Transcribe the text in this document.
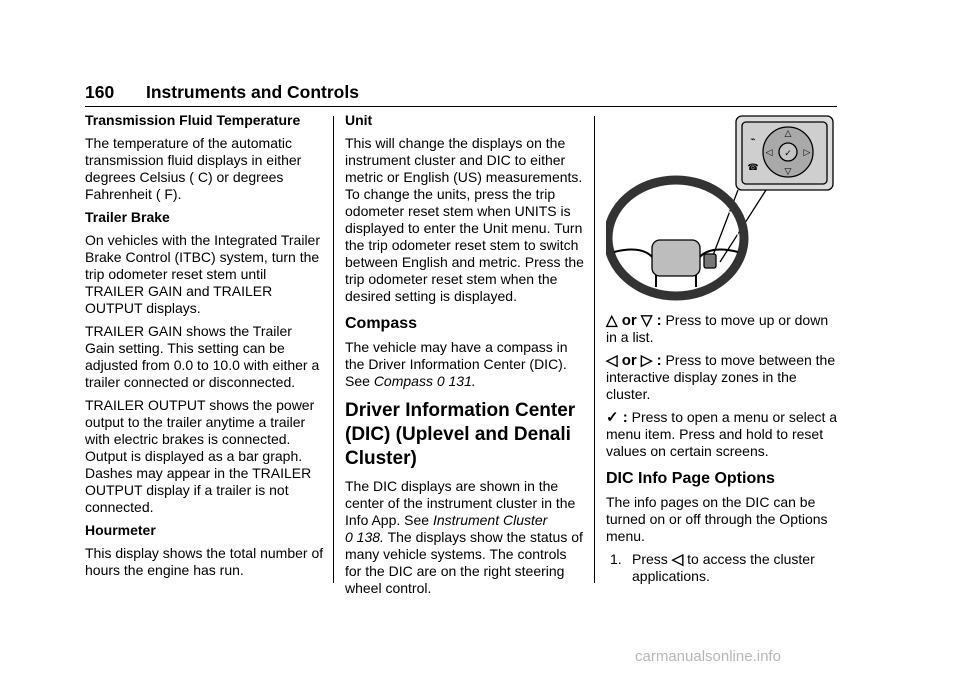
160 Instruments and Controls
Transmission Fluid Temperature

The temperature of the automatic transmission fluid displays in either degrees Celsius ( C) or degrees Fahrenheit ( F).

Trailer Brake

On vehicles with the Integrated Trailer Brake Control (ITBC) system, turn the trip odometer reset stem until TRAILER GAIN and TRAILER OUTPUT displays.

TRAILER GAIN shows the Trailer Gain setting. This setting can be adjusted from 0.0 to 10.0 with either a trailer connected or disconnected.

TRAILER OUTPUT shows the power output to the trailer anytime a trailer with electric brakes is connected. Output is displayed as a bar graph. Dashes may appear in the TRAILER OUTPUT display if a trailer is not connected.

Hourmeter

This display shows the total number of hours the engine has run.

Unit

This will change the displays on the instrument cluster and DIC to either metric or English (US) measurements. To change the units, press the trip odometer reset stem when UNITS is displayed to enter the Unit menu. Turn the trip odometer reset stem to switch between English and metric. Press the trip odometer reset stem when the desired setting is displayed.

Compass

The vehicle may have a compass in the Driver Information Center (DIC). See Compass 0 131.

Driver Information Center (DIC) (Uplevel and Denali Cluster)

The DIC displays are shown in the center of the instrument cluster in the Info App. See Instrument Cluster
0 138. The displays show the status of many vehicle systems. The controls for the DIC are on the right steering wheel control.

△
▽
◁	▷
✓
⌁
☎

△ or ▽ : Press to move up or down in a list.

◁ or ▷ : Press to move between the interactive display zones in the cluster.

✓ : Press to open a menu or select a menu item. Press and hold to reset values on certain screens.

DIC Info Page Options

The info pages on the DIC can be turned on or off through the Options menu.

1. Press ◁ to access the cluster applications.
carmanualsonline.info
